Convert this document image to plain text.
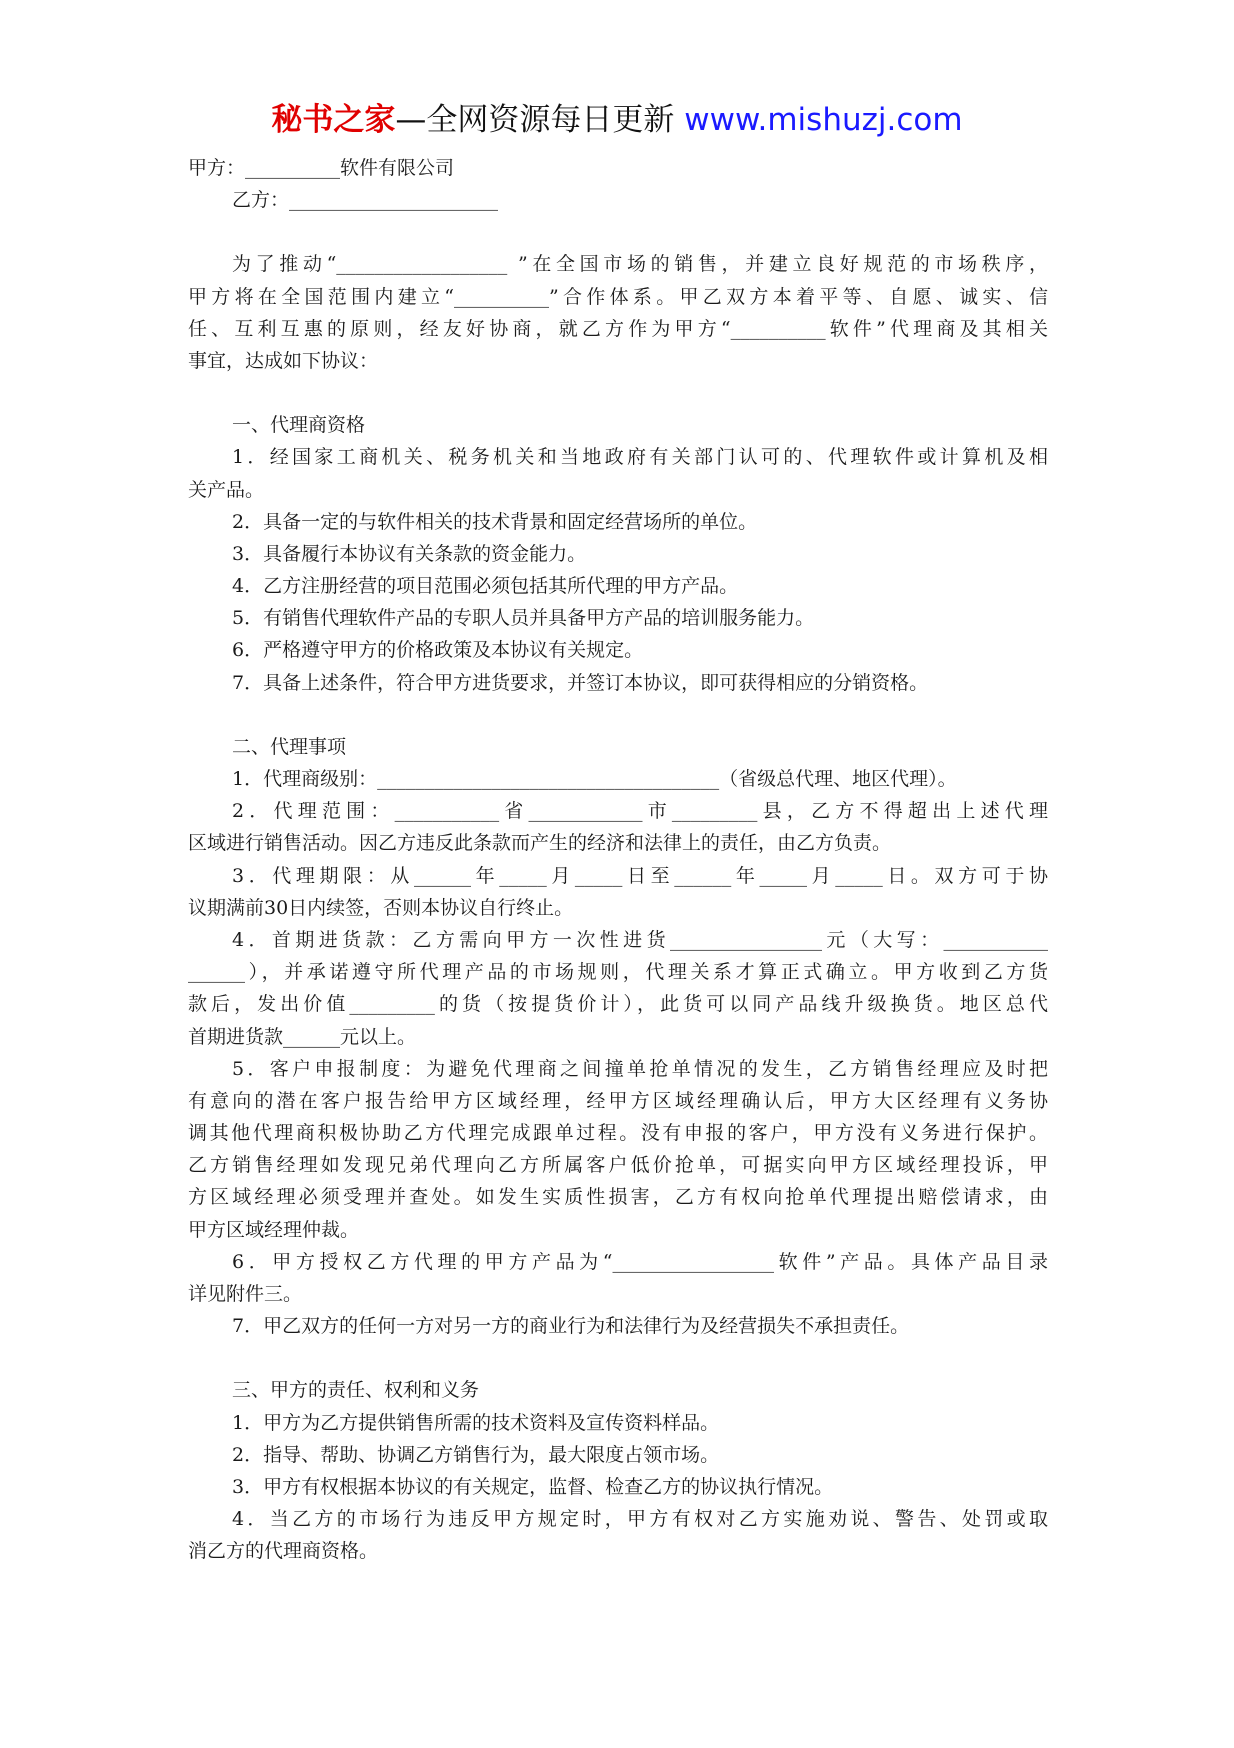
秘书之家—全网资源每日更新 www.mishuzj.com
甲方：__________软件有限公司
乙方：______________________
为了推动“__________________ ”在全国市场的销售，并建立良好规范的市场秩序，
甲方将在全国范围内建立“__________”合作体系。甲乙双方本着平等、自愿、诚实、信
任、互利互惠的原则，经友好协商，就乙方作为甲方“__________软件”代理商及其相关
事宜，达成如下协议：
一、代理商资格
1．经国家工商机关、税务机关和当地政府有关部门认可的、代理软件或计算机及相
关产品。
2．具备一定的与软件相关的技术背景和固定经营场所的单位。
3．具备履行本协议有关条款的资金能力。
4．乙方注册经营的项目范围必须包括其所代理的甲方产品。
5．有销售代理软件产品的专职人员并具备甲方产品的培训服务能力。
6．严格遵守甲方的价格政策及本协议有关规定。
7．具备上述条件，符合甲方进货要求，并签订本协议，即可获得相应的分销资格。
二、代理事项
1．代理商级别：____________________________________（省级总代理、地区代理）。
2．代理范围：___________省____________市_________县，乙方不得超出上述代理
区域进行销售活动。因乙方违反此条款而产生的经济和法律上的责任，由乙方负责。
3．代理期限：从______年_____月_____日至______年_____月_____日。双方可于协
议期满前30日内续签，否则本协议自行终止。
4．首期进货款：乙方需向甲方一次性进货________________元（大写：___________
______），并承诺遵守所代理产品的市场规则，代理关系才算正式确立。甲方收到乙方货
款后，发出价值_________的货（按提货价计），此货可以同产品线升级换货。地区总代
首期进货款______元以上。
5．客户申报制度：为避免代理商之间撞单抢单情况的发生，乙方销售经理应及时把
有意向的潜在客户报告给甲方区域经理，经甲方区域经理确认后，甲方大区经理有义务协
调其他代理商积极协助乙方代理完成跟单过程。没有申报的客户，甲方没有义务进行保护。
乙方销售经理如发现兄弟代理向乙方所属客户低价抢单，可据实向甲方区域经理投诉，甲
方区域经理必须受理并查处。如发生实质性损害，乙方有权向抢单代理提出赔偿请求，由
甲方区域经理仲裁。
6．甲方授权乙方代理的甲方产品为“_________________软件”产品。具体产品目录
详见附件三。
7．甲乙双方的任何一方对另一方的商业行为和法律行为及经营损失不承担责任。
三、甲方的责任、权利和义务
1．甲方为乙方提供销售所需的技术资料及宣传资料样品。
2．指导、帮助、协调乙方销售行为，最大限度占领市场。
3．甲方有权根据本协议的有关规定，监督、检查乙方的协议执行情况。
4．当乙方的市场行为违反甲方规定时，甲方有权对乙方实施劝说、警告、处罚或取
消乙方的代理商资格。
